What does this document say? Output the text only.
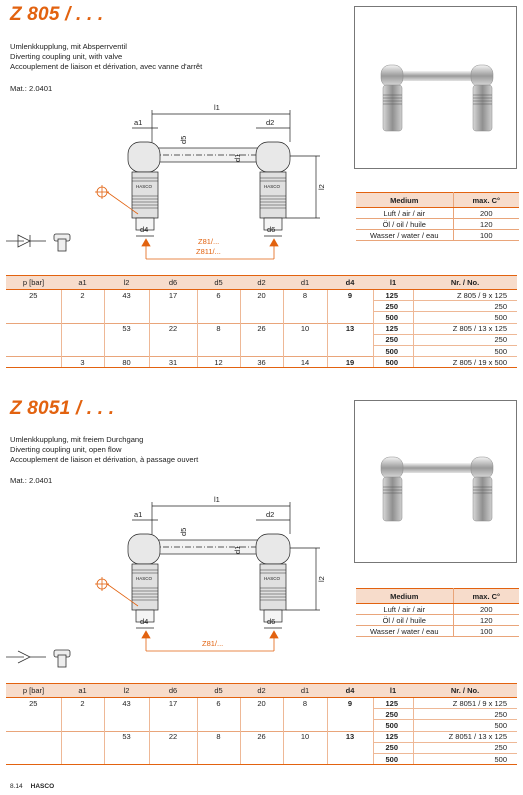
Z 805 / . . .
Umlenkkupplung, mit Absperrventil
Diverting coupling unit, with valve
Accouplement de liaison et dérivation, avec vanne d'arrêt
Mat.: 2.0401
l1
a1
d5
d2
d1
l2
d4	d6
HASCO	HASCO
Z81/...
Z811/...
Medium	max. C°
Luft / air / air	200
Öl / oil / huile	120
Wasser / water / eau	100
p [bar]	a1	l2	d6	d5	d2	d1	d4	l1	Nr. / No.
25	2	43	17	6	20	8	9	125	Z 805 / 9 x 125
								250	250
								500	500
		53	22	8	26	10	13	125	Z 805 / 13 x 125
								250	250
								500	500
	3	80	31	12	36	14	19	500	Z 805 / 19 x 500
Z 8051 / . . .
Umlenkkupplung, mit freiem Durchgang
Diverting coupling unit, open flow
Accouplement de liaison et dérivation, à passage ouvert
Mat.: 2.0401
l1
a1
d5
d2
d1
l2
d4	d6
HASCO	HASCO
Z81/...
Medium	max. C°
Luft / air / air	200
Öl / oil / huile	120
Wasser / water / eau	100
p [bar]	a1	l2	d6	d5	d2	d1	d4	l1	Nr. / No.
25	2	43	17	6	20	8	9	125	Z 8051 / 9 x 125
								250	250
								500	500
		53	22	8	26	10	13	125	Z 8051 / 13 x 125
								250	250
								500	500
8.14 HASCO
